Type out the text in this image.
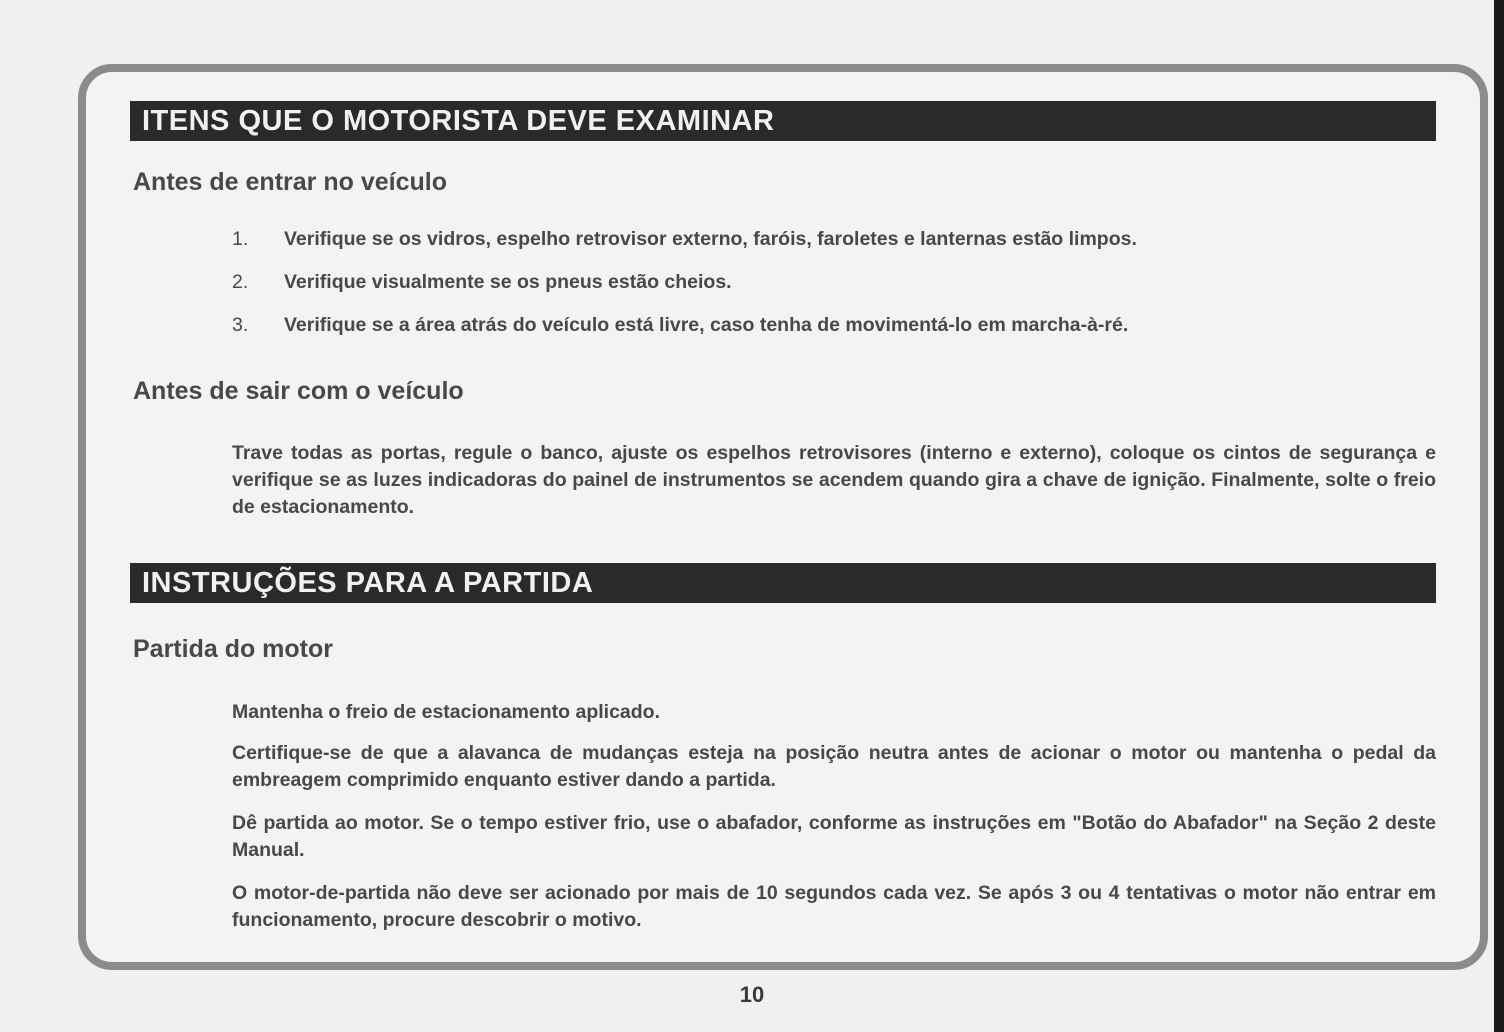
ITENS QUE O MOTORISTA DEVE EXAMINAR
Antes de entrar no veículo
1.	Verifique se os vidros, espelho retrovisor externo, faróis, faroletes e lanternas estão limpos.
2.	Verifique visualmente se os pneus estão cheios.
3.	Verifique se a área atrás do veículo está livre, caso tenha de movimentá-lo em marcha-à-ré.
Antes de sair com o veículo

Trave todas as portas, regule o banco, ajuste os espelhos retrovisores (interno e externo), coloque os cintos de segurança e verifique se as luzes indicadoras do painel de instrumentos se acendem quando gira a chave de ignição. Finalmente, solte o freio de estacionamento.

INSTRUÇÕES PARA A PARTIDA
Partida do motor

Mantenha o freio de estacionamento aplicado.

Certifique-se de que a alavanca de mudanças esteja na posição neutra antes de acionar o motor ou mantenha o pedal da embreagem comprimido enquanto estiver dando a partida.

Dê partida ao motor. Se o tempo estiver frio, use o abafador, conforme as instruções em "Botão do Abafador" na Seção 2 deste Manual.

O motor-de-partida não deve ser acionado por mais de 10 segundos cada vez. Se após 3 ou 4 tentativas o motor não entrar em funcionamento, procure descobrir o motivo.

10
